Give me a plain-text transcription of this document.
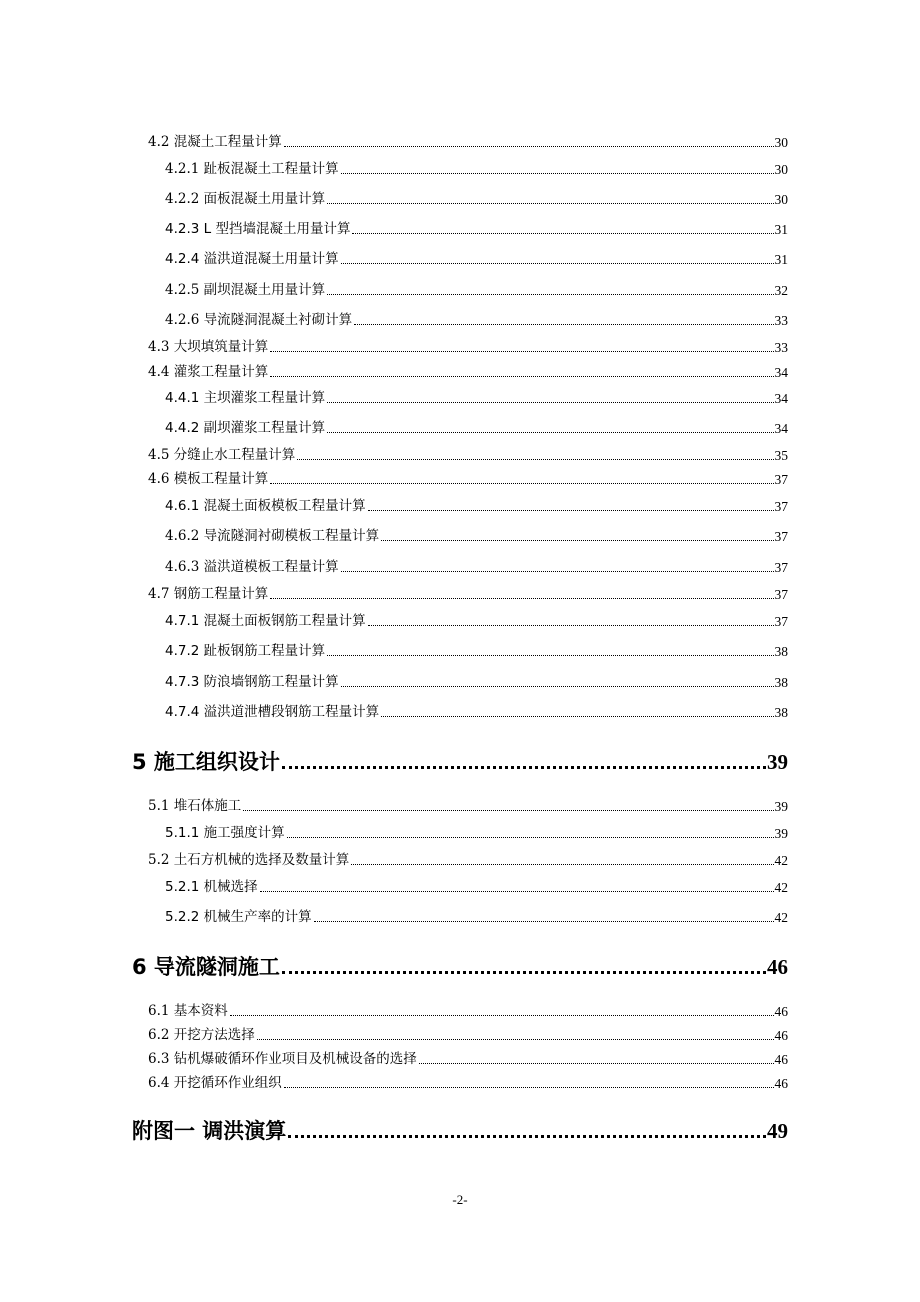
4.2 混凝土工程量计算	30
4.2.1 趾板混凝土工程量计算	30
4.2.2 面板混凝土用量计算	30
4.2.3 L 型挡墙混凝土用量计算	31
4.2.4 溢洪道混凝土用量计算	31
4.2.5 副坝混凝土用量计算	32
4.2.6 导流隧洞混凝土衬砌计算	33
4.3 大坝填筑量计算	33
4.4 灌浆工程量计算	34
4.4.1 主坝灌浆工程量计算	34
4.4.2 副坝灌浆工程量计算	34
4.5 分缝止水工程量计算	35
4.6 模板工程量计算	37
4.6.1 混凝土面板模板工程量计算	37
4.6.2 导流隧洞衬砌模板工程量计算	37
4.6.3 溢洪道模板工程量计算	37
4.7 钢筋工程量计算	37
4.7.1 混凝土面板钢筋工程量计算	37
4.7.2 趾板钢筋工程量计算	38
4.7.3 防浪墙钢筋工程量计算	38
4.7.4 溢洪道泄槽段钢筋工程量计算	38
5 施工组织设计	39
5.1 堆石体施工	39
5.1.1 施工强度计算	39
5.2 土石方机械的选择及数量计算	42
5.2.1 机械选择	42
5.2.2 机械生产率的计算	42
6 导流隧洞施工	46
6.1 基本资料	46
6.2 开挖方法选择	46
6.3 钻机爆破循环作业项目及机械设备的选择	46
6.4 开挖循环作业组织	46
附图一 调洪演算	49
-2-
